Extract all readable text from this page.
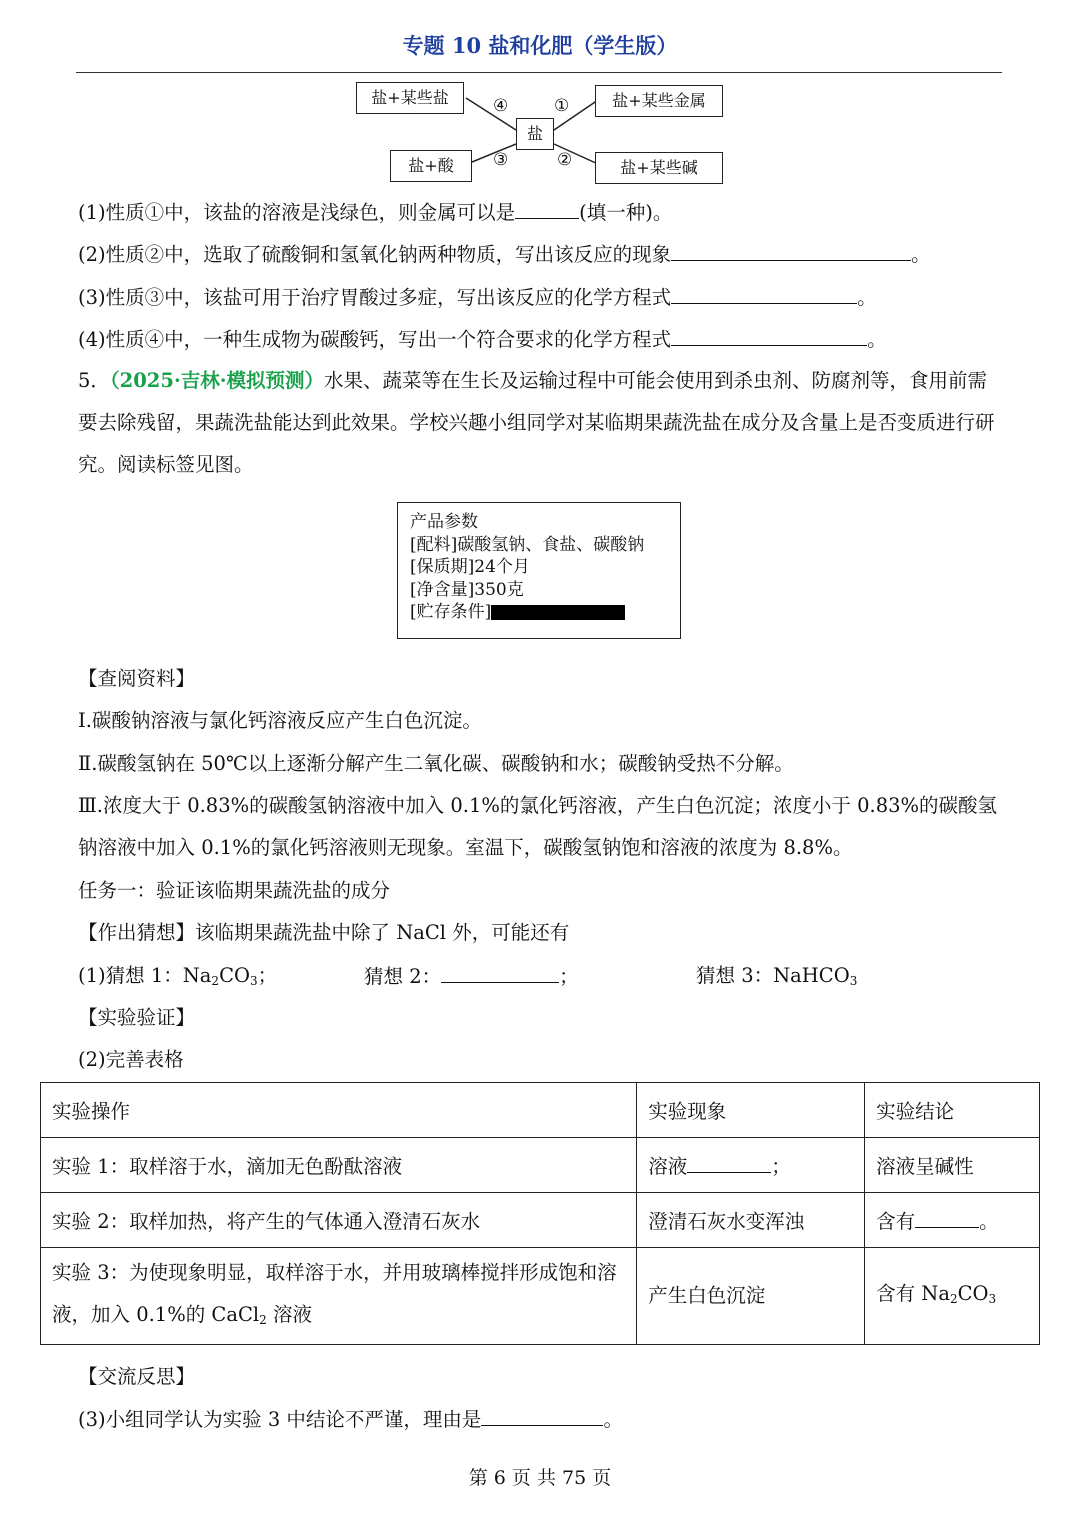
专题 10 盐和化肥（学生版）
盐+某些盐	盐+某些金属
盐
盐+酸	盐+某些碱
④	①
③	②
(1)性质①中，该盐的溶液是浅绿色，则金属可以是	(填一种)。
(2)性质②中，选取了硫酸铜和氢氧化钠两种物质，写出该反应的现象	。
(3)性质③中，该盐可用于治疗胃酸过多症，写出该反应的化学方程式	。
(4)性质④中，一种生成物为碳酸钙，写出一个符合要求的化学方程式	。
5．（2025·吉林·模拟预测）水果、蔬菜等在生长及运输过程中可能会使用到杀虫剂、防腐剂等，食用前需要去除残留，果蔬洗盐能达到此效果。学校兴趣小组同学对某临期果蔬洗盐在成分及含量上是否变质进行研究。阅读标签见图。
产品参数
[配料]碳酸氢钠、食盐、碳酸钠
[保质期]24个月
[净含量]350克
[贮存条件]
【查阅资料】
Ⅰ.碳酸钠溶液与氯化钙溶液反应产生白色沉淀。
Ⅱ.碳酸氢钠在 50℃以上逐渐分解产生二氧化碳、碳酸钠和水；碳酸钠受热不分解。
Ⅲ.浓度大于 0.83%的碳酸氢钠溶液中加入 0.1%的氯化钙溶液，产生白色沉淀；浓度小于 0.83%的碳酸氢钠溶液中加入 0.1%的氯化钙溶液则无现象。室温下，碳酸氢钠饱和溶液的浓度为 8.8%。
任务一：验证该临期果蔬洗盐的成分
【作出猜想】该临期果蔬洗盐中除了 NaCl 外，可能还有
(1)猜想 1：$Na_2CO_3$；	猜想 2：	；	猜想 3：NaHCO$_3$
【实验验证】
(2)完善表格
实验操作	实验现象	实验结论
实验 1：取样溶于水，滴加无色酚酞溶液	溶液 ；	溶液呈碱性
实验 2：取样加热，将产生的气体通入澄清石灰水	澄清石灰水变浑浊	含有 。
实验 3：为使现象明显，取样溶于水，并用玻璃棒搅拌形成饱和溶液，加入 0.1%的 CaCl$_2$ 溶液	产生白色沉淀	含有 $Na_2CO_3$
【交流反思】
(3)小组同学认为实验 3 中结论不严谨，理由是	。
第 6 页 共 75 页
